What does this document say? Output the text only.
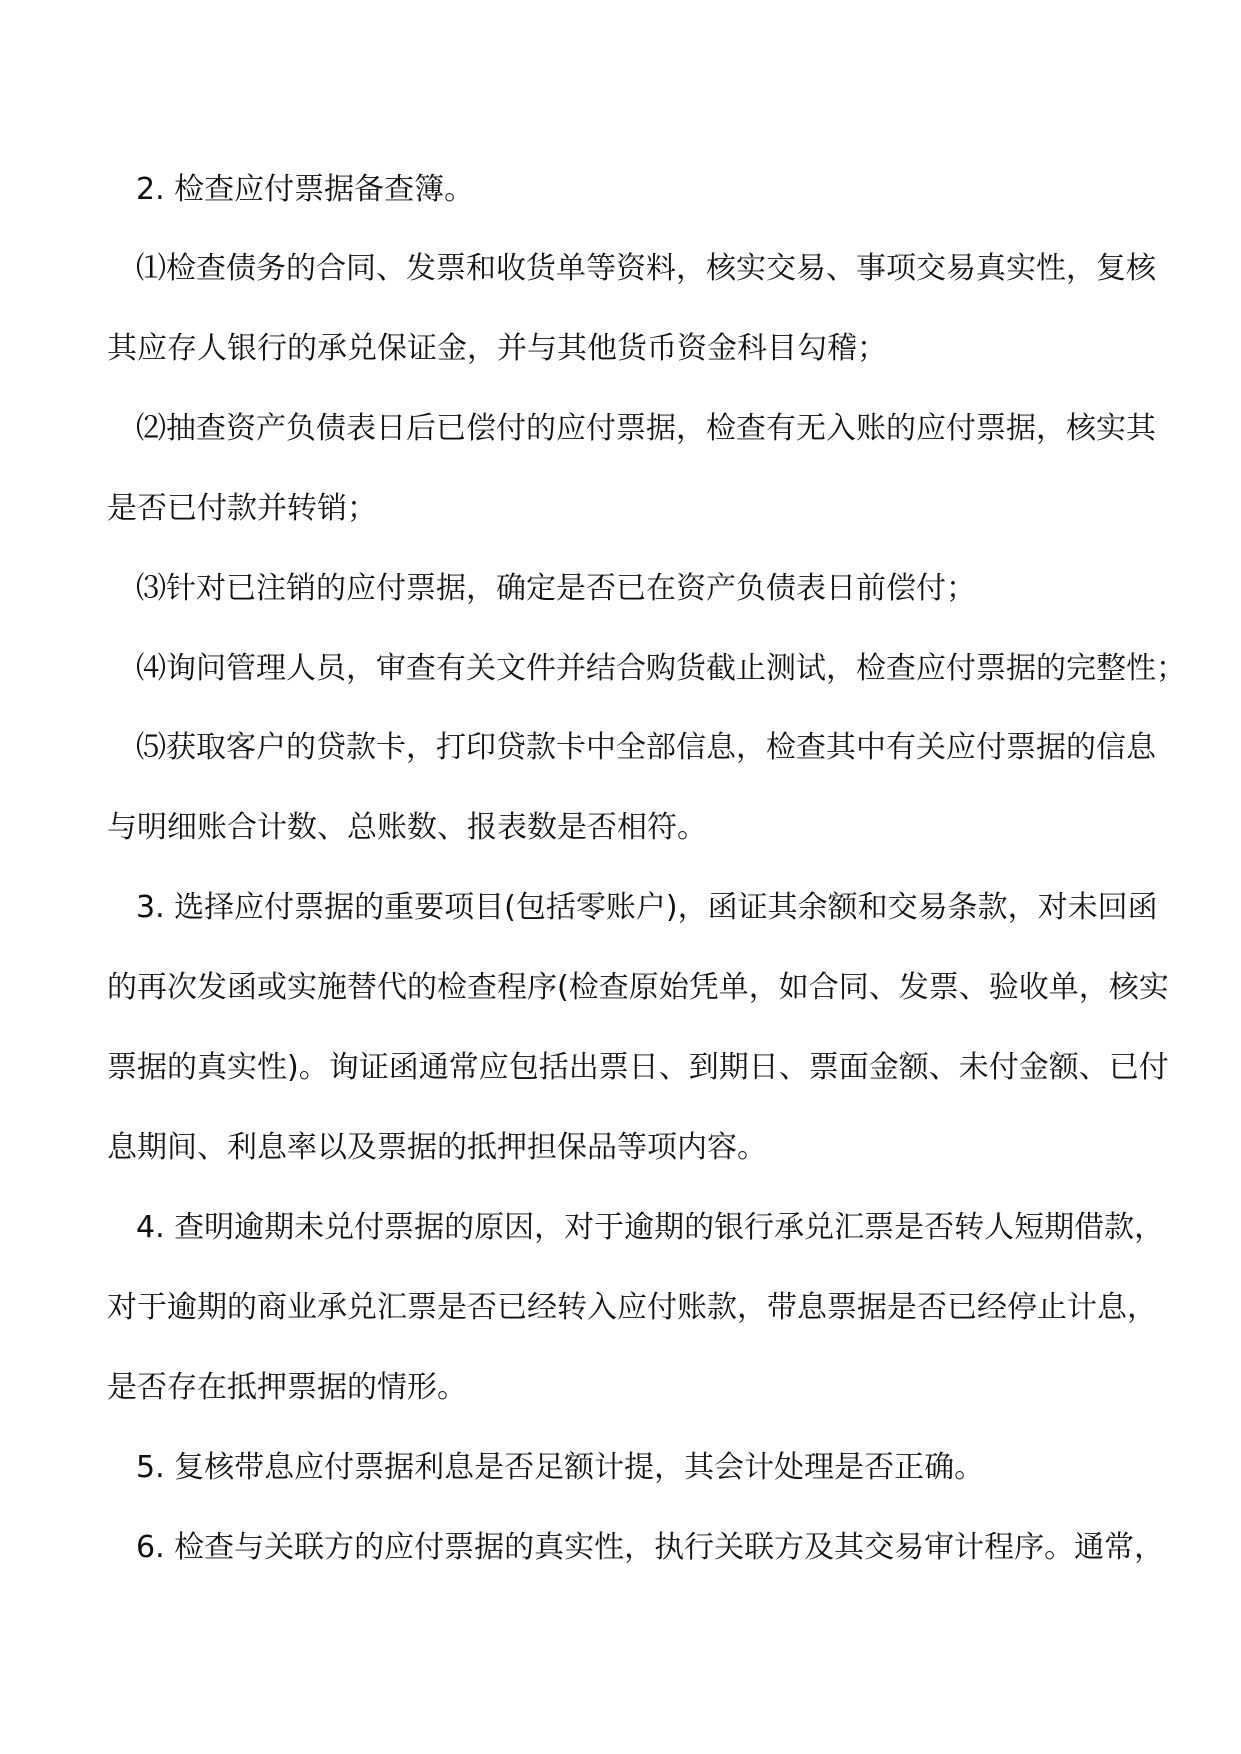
2. 检查应付票据备查簿。
⑴检查债务的合同、发票和收货单等资料，核实交易、事项交易真实性，复核
其应存人银行的承兑保证金，并与其他货币资金科目勾稽；
⑵抽查资产负债表日后已偿付的应付票据，检查有无入账的应付票据，核实其
是否已付款并转销；
⑶针对已注销的应付票据，确定是否已在资产负债表日前偿付；
⑷询问管理人员，审查有关文件并结合购货截止测试，检查应付票据的完整性；
⑸获取客户的贷款卡，打印贷款卡中全部信息，检查其中有关应付票据的信息
与明细账合计数、总账数、报表数是否相符。
3. 选择应付票据的重要项目(包括零账户)，函证其余额和交易条款，对未回函
的再次发函或实施替代的检查程序(检查原始凭单，如合同、发票、验收单，核实
票据的真实性)。询证函通常应包括出票日、到期日、票面金额、未付金额、已付
息期间、利息率以及票据的抵押担保品等项内容。
4. 查明逾期未兑付票据的原因，对于逾期的银行承兑汇票是否转人短期借款，
对于逾期的商业承兑汇票是否已经转入应付账款，带息票据是否已经停止计息，
是否存在抵押票据的情形。
5. 复核带息应付票据利息是否足额计提，其会计处理是否正确。
6. 检查与关联方的应付票据的真实性，执行关联方及其交易审计程序。通常，
